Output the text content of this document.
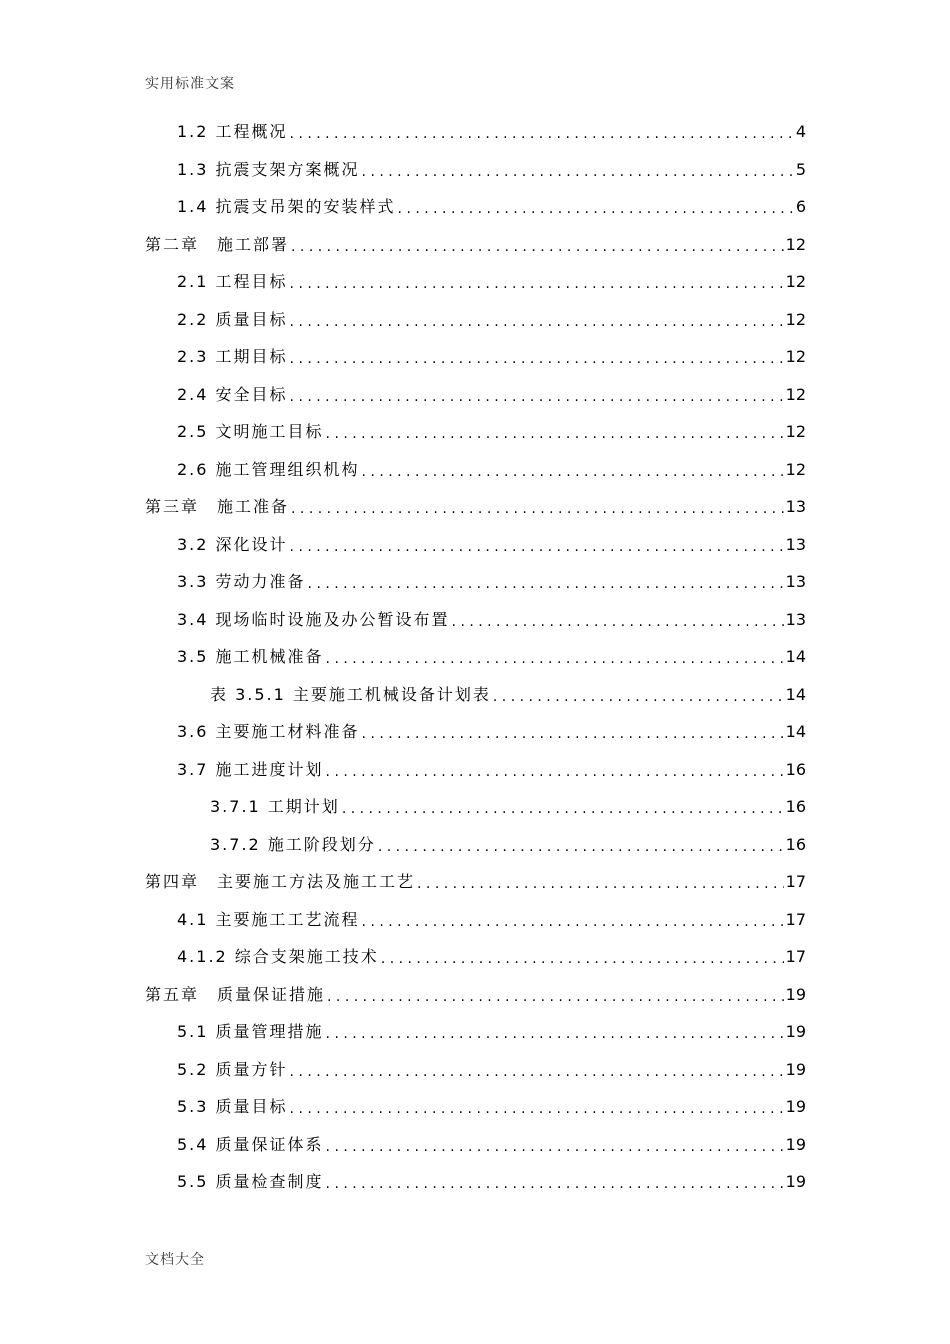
实用标准文案
1.2 工程概况 . . .	4
1.3 抗震支架方案概况 . . .	5
1.4 抗震支吊架的安装样式 . . .	6
第二章　施工部署 . . .	12
2.1 工程目标 . . .	12
2.2 质量目标 . . .	12
2.3 工期目标 . . .	12
2.4 安全目标 . . .	12
2.5 文明施工目标 . . .	12
2.6 施工管理组织机构 . . .	12
第三章　施工准备 . . .	13
3.2 深化设计 . . .	13
3.3 劳动力准备 . . .	13
3.4 现场临时设施及办公暂设布置 . . .	13
3.5 施工机械准备 . . .	14
表 3.5.1 主要施工机械设备计划表 . . .	14
3.6 主要施工材料准备 . . .	14
3.7 施工进度计划 . . .	16
3.7.1 工期计划 . . .	16
3.7.2 施工阶段划分 . . .	16
第四章　主要施工方法及施工工艺 . . .	17
4.1 主要施工工艺流程 . . .	17
4.1.2 综合支架施工技术 . . .	17
第五章　质量保证措施 . . .	19
5.1 质量管理措施 . . .	19
5.2 质量方针 . . .	19
5.3 质量目标 . . .	19
5.4 质量保证体系 . . .	19
5.5 质量检查制度 . . .	19
文档大全
